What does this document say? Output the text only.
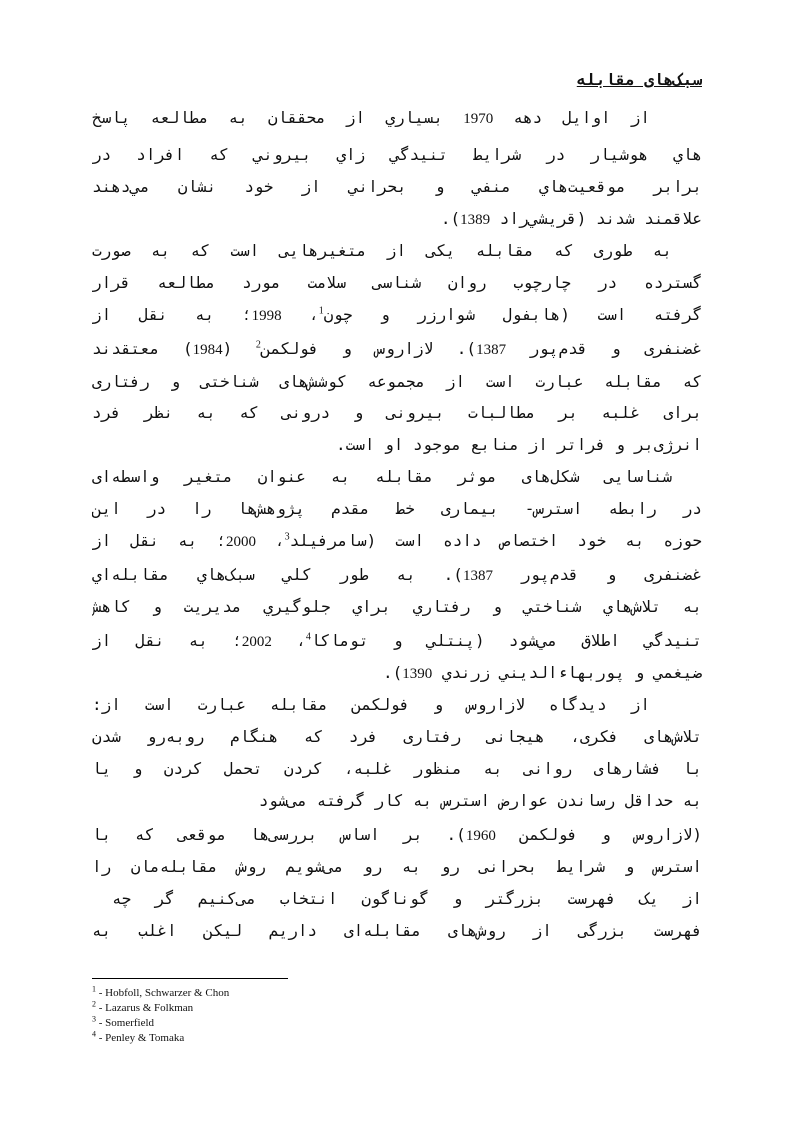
سبک‌های مقابله
از اوایل دهه 1970 بسیاري از محققان به مطالعه پاسخ
هاي هوشيار در شرايط تنيدگي زاي بيروني كه افراد در
برابر موقعيت‌هاي منفي و بحراني از خود نشان مي‌دهند
علاقمند شدند (قريشي‌راد 1389).
به طوری که مقابله یکی از متغیرهایی است که به صورت
گسترده در چارچوب روان شناسی سلامت مورد مطالعه قرار
گرفته است (هابفول شوارزر و چون$^1$، 1998؛ به نقل از
غضنفری و قدم‌پور 1387). لازاروس و فولکمن$^2$ (1984) معتقدند
که مقابله عبارت است از مجموعه کوشش‌های شناختی و رفتاری
برای غلبه بر مطالبات بیرونی و درونی که به نظر فرد
انرژی‌بر و فراتر از منابع موجود او است.
شناسایی شکل‌های موثر مقابله به عنوان متغیر واسطه‌ای
در رابطه استرس- بیماری خط مقدم پژوهش‌ها را در این
حوزه به خود اختصاص داده است (سامرفیلد$^3$، 2000؛ به نقل از
غضنفری و قدم‌پور 1387). به طور كلي سبک‌هاي مقابله‌اي
به تلاش‌هاي شناختي و رفتاري براي جلوگيري مديريت و كاهش
تنيدگي اطلاق مي‌شود (پنتلي و توماكا$^4$، 2002؛ به نقل از
ضيغمي و پوربهاء‌الديني زرندي 1390).
از دیدگاه لازاروس و فولکمن مقابله عبارت است از:
تلاش‌های فکری، هیجانی رفتاری فرد که هنگام روبه‌رو شدن
با فشارهای روانی به منظور غلبه، کردن تحمل کردن و یا
به حداقل رساندن عوارض استرس به کار گرفته می‌شود
(لازاروس و فولکمن 1960). بر اساس بررسی‌ها موقعی که با
استرس و شرایط بحرانی رو به رو می‌شویم روش مقابله‌مان را
از یک فهرست بزرگتر و گوناگون انتخاب می‌کنیم گر چه
فهرست بزرگی از روش‌های مقابله‌ای داریم لیکن اغلب به
$^1$ - Hobfoll, Schwarzer & Chon
$^2$ - Lazarus & Folkman
$^3$ - Somerfield
$^4$ - Penley & Tomaka
